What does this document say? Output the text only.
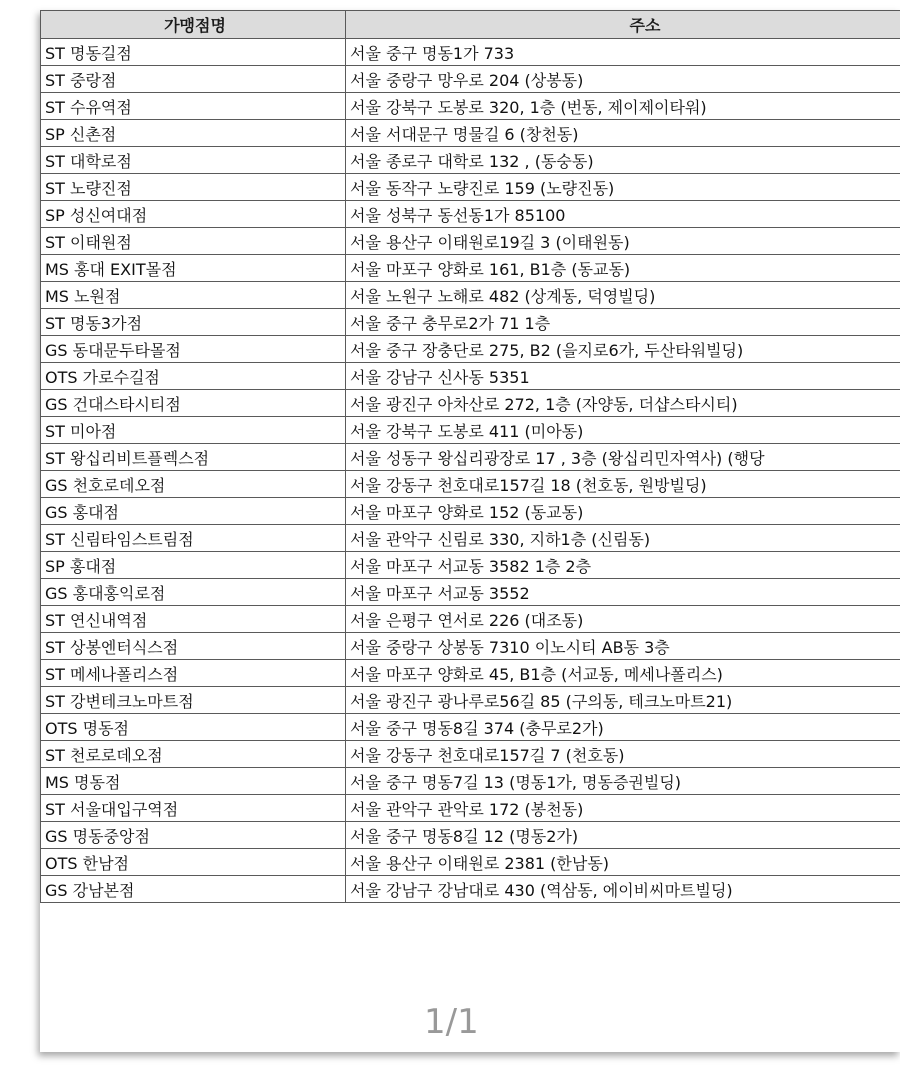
가맹점명	주소
ST 명동길점	서울 중구 명동1가 733
ST 중랑점	서울 중랑구 망우로 204 (상봉동)
ST 수유역점	서울 강북구 도봉로 320, 1층 (번동, 제이제이타워)
SP 신촌점	서울 서대문구 명물길 6 (창천동)
ST 대학로점	서울 종로구 대학로 132 , (동숭동)
ST 노량진점	서울 동작구 노량진로 159 (노량진동)
SP 성신여대점	서울 성북구 동선동1가 85100
ST 이태원점	서울 용산구 이태원로19길 3 (이태원동)
MS 홍대 EXIT몰점	서울 마포구 양화로 161, B1층 (동교동)
MS 노원점	서울 노원구 노해로 482 (상계동, 덕영빌딩)
ST 명동3가점	서울 중구 충무로2가 71 1층
GS 동대문두타몰점	서울 중구 장충단로 275, B2 (을지로6가, 두산타워빌딩)
OTS 가로수길점	서울 강남구 신사동 5351
GS 건대스타시티점	서울 광진구 아차산로 272, 1층 (자양동, 더샵스타시티)
ST 미아점	서울 강북구 도봉로 411 (미아동)
ST 왕십리비트플렉스점	서울 성동구 왕십리광장로 17 , 3층 (왕십리민자역사) (행당
GS 천호로데오점	서울 강동구 천호대로157길 18 (천호동, 원방빌딩)
GS 홍대점	서울 마포구 양화로 152 (동교동)
ST 신림타임스트림점	서울 관악구 신림로 330, 지하1층 (신림동)
SP 홍대점	서울 마포구 서교동 3582 1층 2층
GS 홍대홍익로점	서울 마포구 서교동 3552
ST 연신내역점	서울 은평구 연서로 226 (대조동)
ST 상봉엔터식스점	서울 중랑구 상봉동 7310 이노시티 AB동 3층
ST 메세나폴리스점	서울 마포구 양화로 45, B1층 (서교동, 메세나폴리스)
ST 강변테크노마트점	서울 광진구 광나루로56길 85 (구의동, 테크노마트21)
OTS 명동점	서울 중구 명동8길 374 (충무로2가)
ST 천로로데오점	서울 강동구 천호대로157길 7 (천호동)
MS 명동점	서울 중구 명동7길 13 (명동1가, 명동증권빌딩)
ST 서울대입구역점	서울 관악구 관악로 172 (봉천동)
GS 명동중앙점	서울 중구 명동8길 12 (명동2가)
OTS 한남점	서울 용산구 이태원로 2381 (한남동)
GS 강남본점	서울 강남구 강남대로 430 (역삼동, 에이비씨마트빌딩)
1/1
